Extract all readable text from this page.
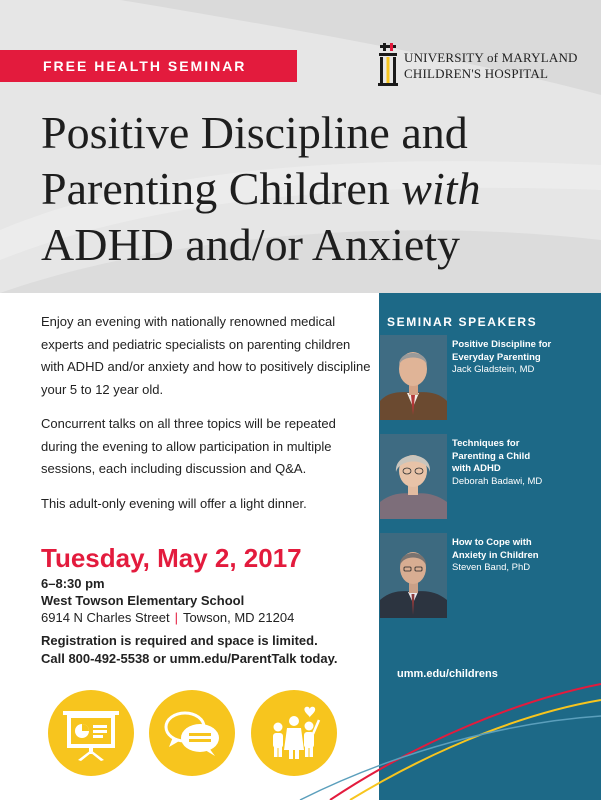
FREE HEALTH SEMINAR
UNIVERSITY of MARYLAND
CHILDREN'S HOSPITAL
Positive Discipline and
Parenting Children with
ADHD and/or Anxiety

Enjoy an evening with nationally renowned medical experts and pediatric specialists on parenting children with ADHD and/or anxiety and how to positively discipline your 5 to 12 year old.

Concurrent talks on all three topics will be repeated during the evening to allow participation in multiple sessions, each including discussion and Q&A.

This adult-only evening will offer a light dinner.

Tuesday, May 2, 2017
6–8:30 pm
West Towson Elementary School
6914 N Charles Street | Towson, MD 21204
Registration is required and space is limited.
Call 800-492-5538 or umm.edu/ParentTalk today.
SEMINAR SPEAKERS
Positive Discipline for
Everyday Parenting
Jack Gladstein, MD
Techniques for
Parenting a Child
with ADHD
Deborah Badawi, MD
How to Cope with
Anxiety in Children
Steven Band, PhD
umm.edu/childrens
